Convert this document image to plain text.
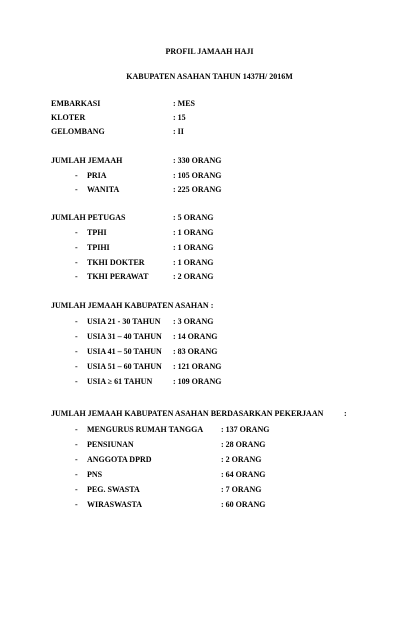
PROFIL JAMAAH HAJI
KABUPATEN ASAHAN TAHUN 1437H/ 2016M
EMBARKASI	: MES
KLOTER	: 15
GELOMBANG	: II
JUMLAH JEMAAH	: 330 ORANG
- PRIA	: 105 ORANG
- WANITA	: 225 ORANG
JUMLAH PETUGAS	: 5 ORANG
- TPHI	: 1 ORANG
- TPIHI	: 1 ORANG
- TKHI DOKTER	: 1 ORANG
- TKHI PERAWAT	: 2 ORANG
JUMLAH JEMAAH KABUPATEN ASAHAN :
- USIA 21 - 30 TAHUN : 3 ORANG
- USIA 31 – 40 TAHUN : 14 ORANG
- USIA 41 – 50 TAHUN : 83 ORANG
- USIA 51 – 60 TAHUN : 121 ORANG
- USIA ≥ 61 TAHUN	: 109 ORANG
JUMLAH JEMAAH KABUPATEN ASAHAN BERDASARKAN PEKERJAAN	:
- MENGURUS RUMAH TANGGA : 137 ORANG
- PENSIUNAN	: 28 ORANG
- ANGGOTA DPRD	: 2 ORANG
- PNS	: 64 ORANG
- PEG. SWASTA	: 7 ORANG
- WIRASWASTA	: 60 ORANG
